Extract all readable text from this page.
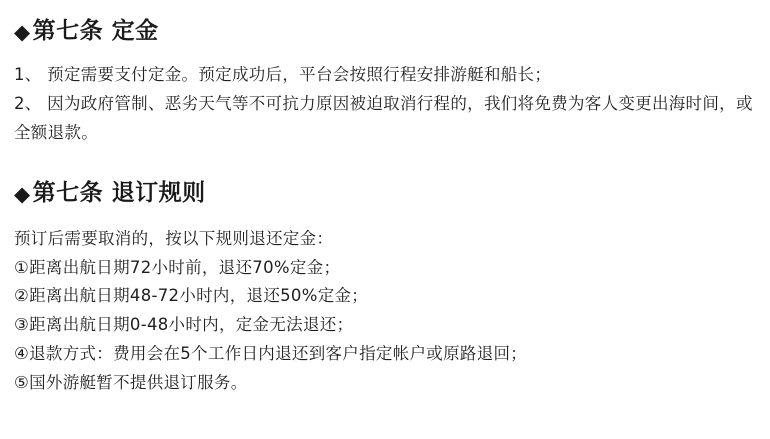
◆ 第七条 定金

1、 预定需要支付定金。预定成功后，平台会按照行程安排游艇和船长；

2、 因为政府管制、恶劣天气等不可抗力原因被迫取消行程的，我们将免费为客人变更出海时间，或全额退款。

◆ 第七条 退订规则

预订后需要取消的，按以下规则退还定金：

①距离出航日期72小时前，退还70%定金；

②距离出航日期48-72小时内，退还50%定金；

③距离出航日期0-48小时内，定金无法退还；

④退款方式：费用会在5个工作日内退还到客户指定帐户或原路退回；

⑤国外游艇暂不提供退订服务。
